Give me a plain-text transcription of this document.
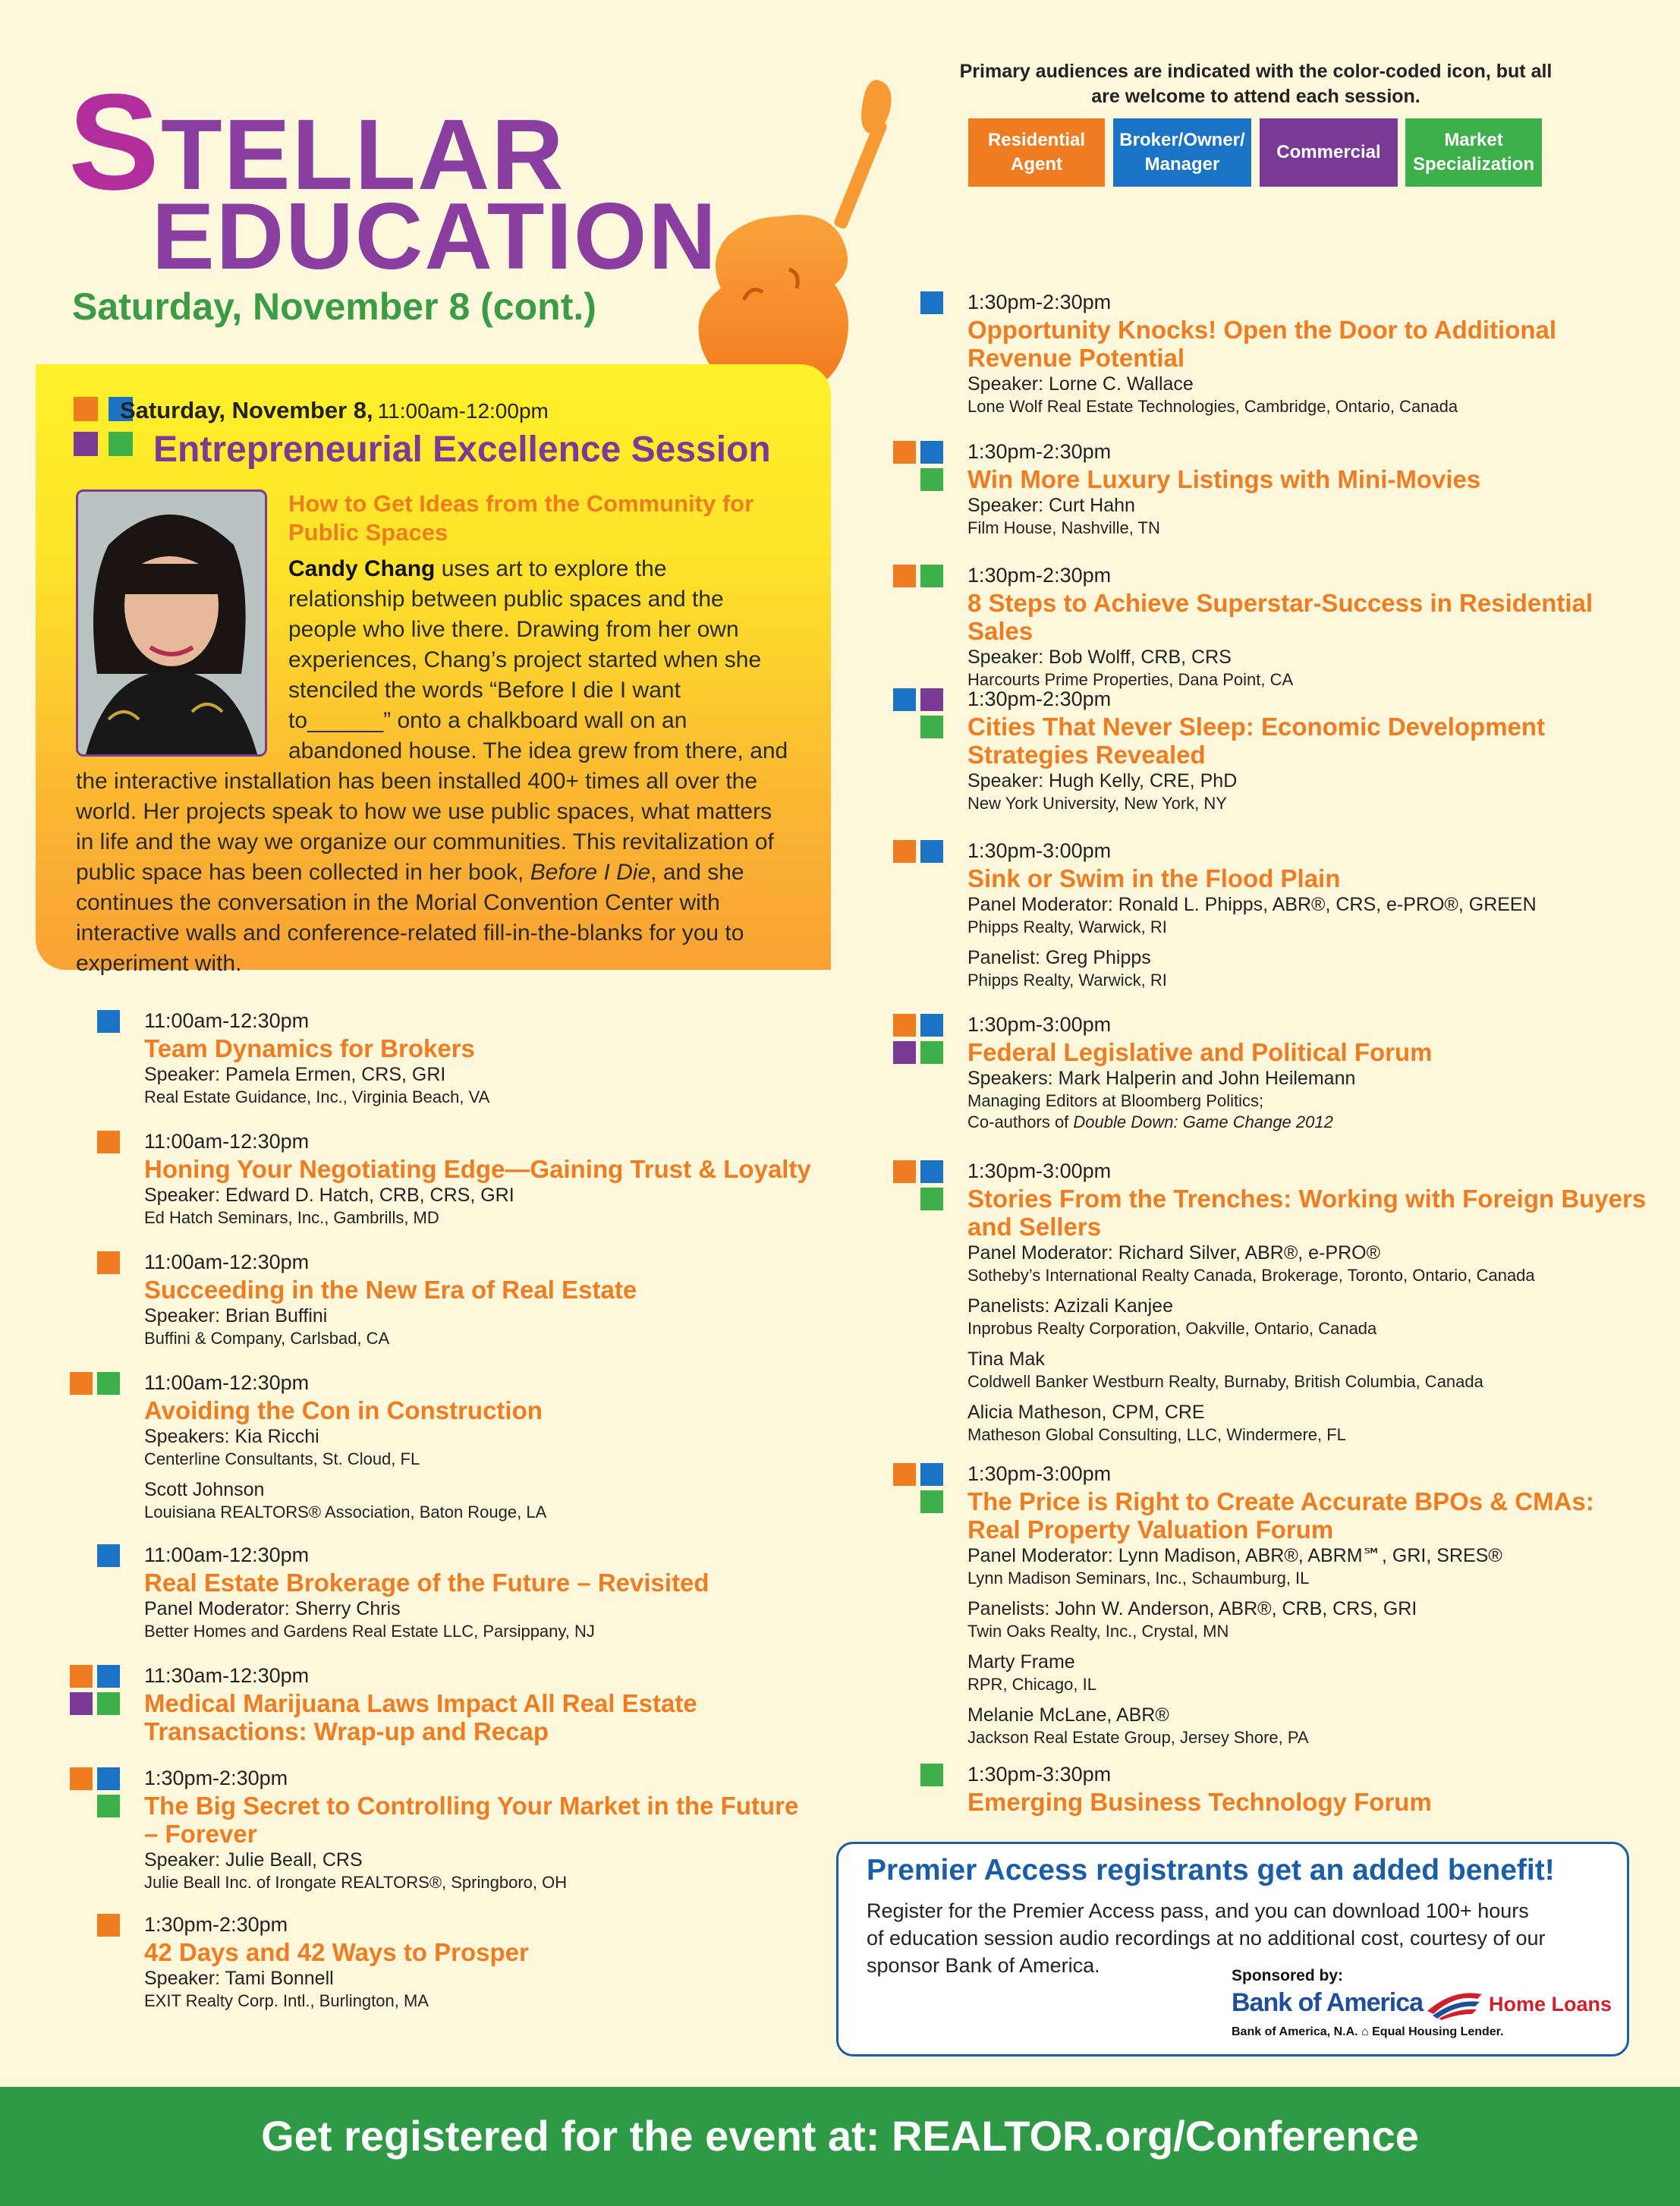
STELLAR
EDUCATION
Saturday, November 8 (cont.)
Primary audiences are indicated with the color-coded icon, but all are welcome to attend each session.
Residential Agent
Broker/Owner/ Manager
Commercial
Market Specialization
Saturday, November 8, 11:00am-12:00pm
Entrepreneurial Excellence Session
How to Get Ideas from the Community for Public Spaces
Candy Chang uses art to explore the relationship between public spaces and the people who live there. Drawing from her own experiences, Chang’s project started when she stenciled the words “Before I die I want to______” onto a chalkboard wall on an abandoned house. The idea grew from there, and the interactive installation has been installed 400+ times all over the world. Her projects speak to how we use public spaces, what matters in life and the way we organize our communities. This revitalization of public space has been collected in her book, Before I Die, and she continues the conversation in the Morial Convention Center with interactive walls and conference-related fill-in-the-blanks for you to experiment with.
11:00am-12:30pm
Team Dynamics for Brokers
Speaker: Pamela Ermen, CRS, GRI
Real Estate Guidance, Inc., Virginia Beach, VA
11:00am-12:30pm
Honing Your Negotiating Edge—Gaining Trust & Loyalty
Speaker: Edward D. Hatch, CRB, CRS, GRI
Ed Hatch Seminars, Inc., Gambrills, MD
11:00am-12:30pm
Succeeding in the New Era of Real Estate
Speaker: Brian Buffini
Buffini & Company, Carlsbad, CA
11:00am-12:30pm
Avoiding the Con in Construction
Speakers: Kia Ricchi
Centerline Consultants, St. Cloud, FL
Scott Johnson
Louisiana REALTORS® Association, Baton Rouge, LA
11:00am-12:30pm
Real Estate Brokerage of the Future – Revisited
Panel Moderator: Sherry Chris
Better Homes and Gardens Real Estate LLC, Parsippany, NJ
11:30am-12:30pm
Medical Marijuana Laws Impact All Real Estate Transactions: Wrap-up and Recap
1:30pm-2:30pm
The Big Secret to Controlling Your Market in the Future – Forever
Speaker: Julie Beall, CRS
Julie Beall Inc. of Irongate REALTORS®, Springboro, OH
1:30pm-2:30pm
42 Days and 42 Ways to Prosper
Speaker: Tami Bonnell
EXIT Realty Corp. Intl., Burlington, MA
1:30pm-2:30pm
Opportunity Knocks! Open the Door to Additional Revenue Potential
Speaker: Lorne C. Wallace
Lone Wolf Real Estate Technologies, Cambridge, Ontario, Canada
1:30pm-2:30pm
Win More Luxury Listings with Mini-Movies
Speaker: Curt Hahn
Film House, Nashville, TN
1:30pm-2:30pm
8 Steps to Achieve Superstar-Success in Residential Sales
Speaker: Bob Wolff, CRB, CRS
Harcourts Prime Properties, Dana Point, CA
1:30pm-2:30pm
Cities That Never Sleep: Economic Development Strategies Revealed
Speaker: Hugh Kelly, CRE, PhD
New York University, New York, NY
1:30pm-3:00pm
Sink or Swim in the Flood Plain
Panel Moderator: Ronald L. Phipps, ABR®, CRS, e-PRO®, GREEN
Phipps Realty, Warwick, RI
Panelist: Greg Phipps
Phipps Realty, Warwick, RI
1:30pm-3:00pm
Federal Legislative and Political Forum
Speakers: Mark Halperin and John Heilemann
Managing Editors at Bloomberg Politics;
Co-authors of Double Down: Game Change 2012
1:30pm-3:00pm
Stories From the Trenches: Working with Foreign Buyers and Sellers
Panel Moderator: Richard Silver, ABR®, e-PRO®
Sotheby’s International Realty Canada, Brokerage, Toronto, Ontario, Canada
Panelists: Azizali Kanjee
Inprobus Realty Corporation, Oakville, Ontario, Canada
Tina Mak
Coldwell Banker Westburn Realty, Burnaby, British Columbia, Canada
Alicia Matheson, CPM, CRE
Matheson Global Consulting, LLC, Windermere, FL
1:30pm-3:00pm
The Price is Right to Create Accurate BPOs & CMAs: Real Property Valuation Forum
Panel Moderator: Lynn Madison, ABR®, ABRM℠, GRI, SRES®
Lynn Madison Seminars, Inc., Schaumburg, IL
Panelists: John W. Anderson, ABR®, CRB, CRS, GRI
Twin Oaks Realty, Inc., Crystal, MN
Marty Frame
RPR, Chicago, IL
Melanie McLane, ABR®
Jackson Real Estate Group, Jersey Shore, PA
1:30pm-3:30pm
Emerging Business Technology Forum
Premier Access registrants get an added benefit!
Register for the Premier Access pass, and you can download 100+ hours of education session audio recordings at no additional cost, courtesy of our sponsor Bank of America.	Sponsored by:
Bank of America	Home Loans
Bank of America, N.A. ⌂ Equal Housing Lender.
Get registered for the event at: REALTOR.org/Conference
